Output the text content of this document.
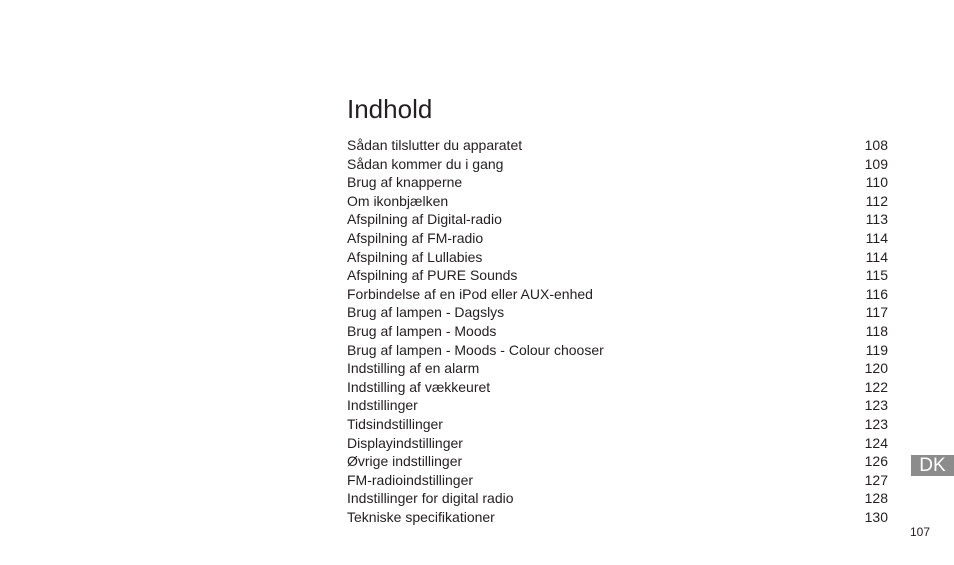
Indhold
Sådan tilslutter du apparatet	108
Sådan kommer du i gang	109
Brug af knapperne	110
Om ikonbjælken	112
Afspilning af Digital-radio	113
Afspilning af FM-radio	114
Afspilning af Lullabies	114
Afspilning af PURE Sounds	115
Forbindelse af en iPod eller AUX-enhed	116
Brug af lampen - Dagslys	117
Brug af lampen - Moods	118
Brug af lampen - Moods - Colour chooser	119
Indstilling af en alarm	120
Indstilling af vækkeuret	122
Indstillinger	123
Tidsindstillinger	123
Displayindstillinger	124
Øvrige indstillinger	126
FM-radioindstillinger	127
Indstillinger for digital radio	128
Tekniske specifikationer	130
DK
107
